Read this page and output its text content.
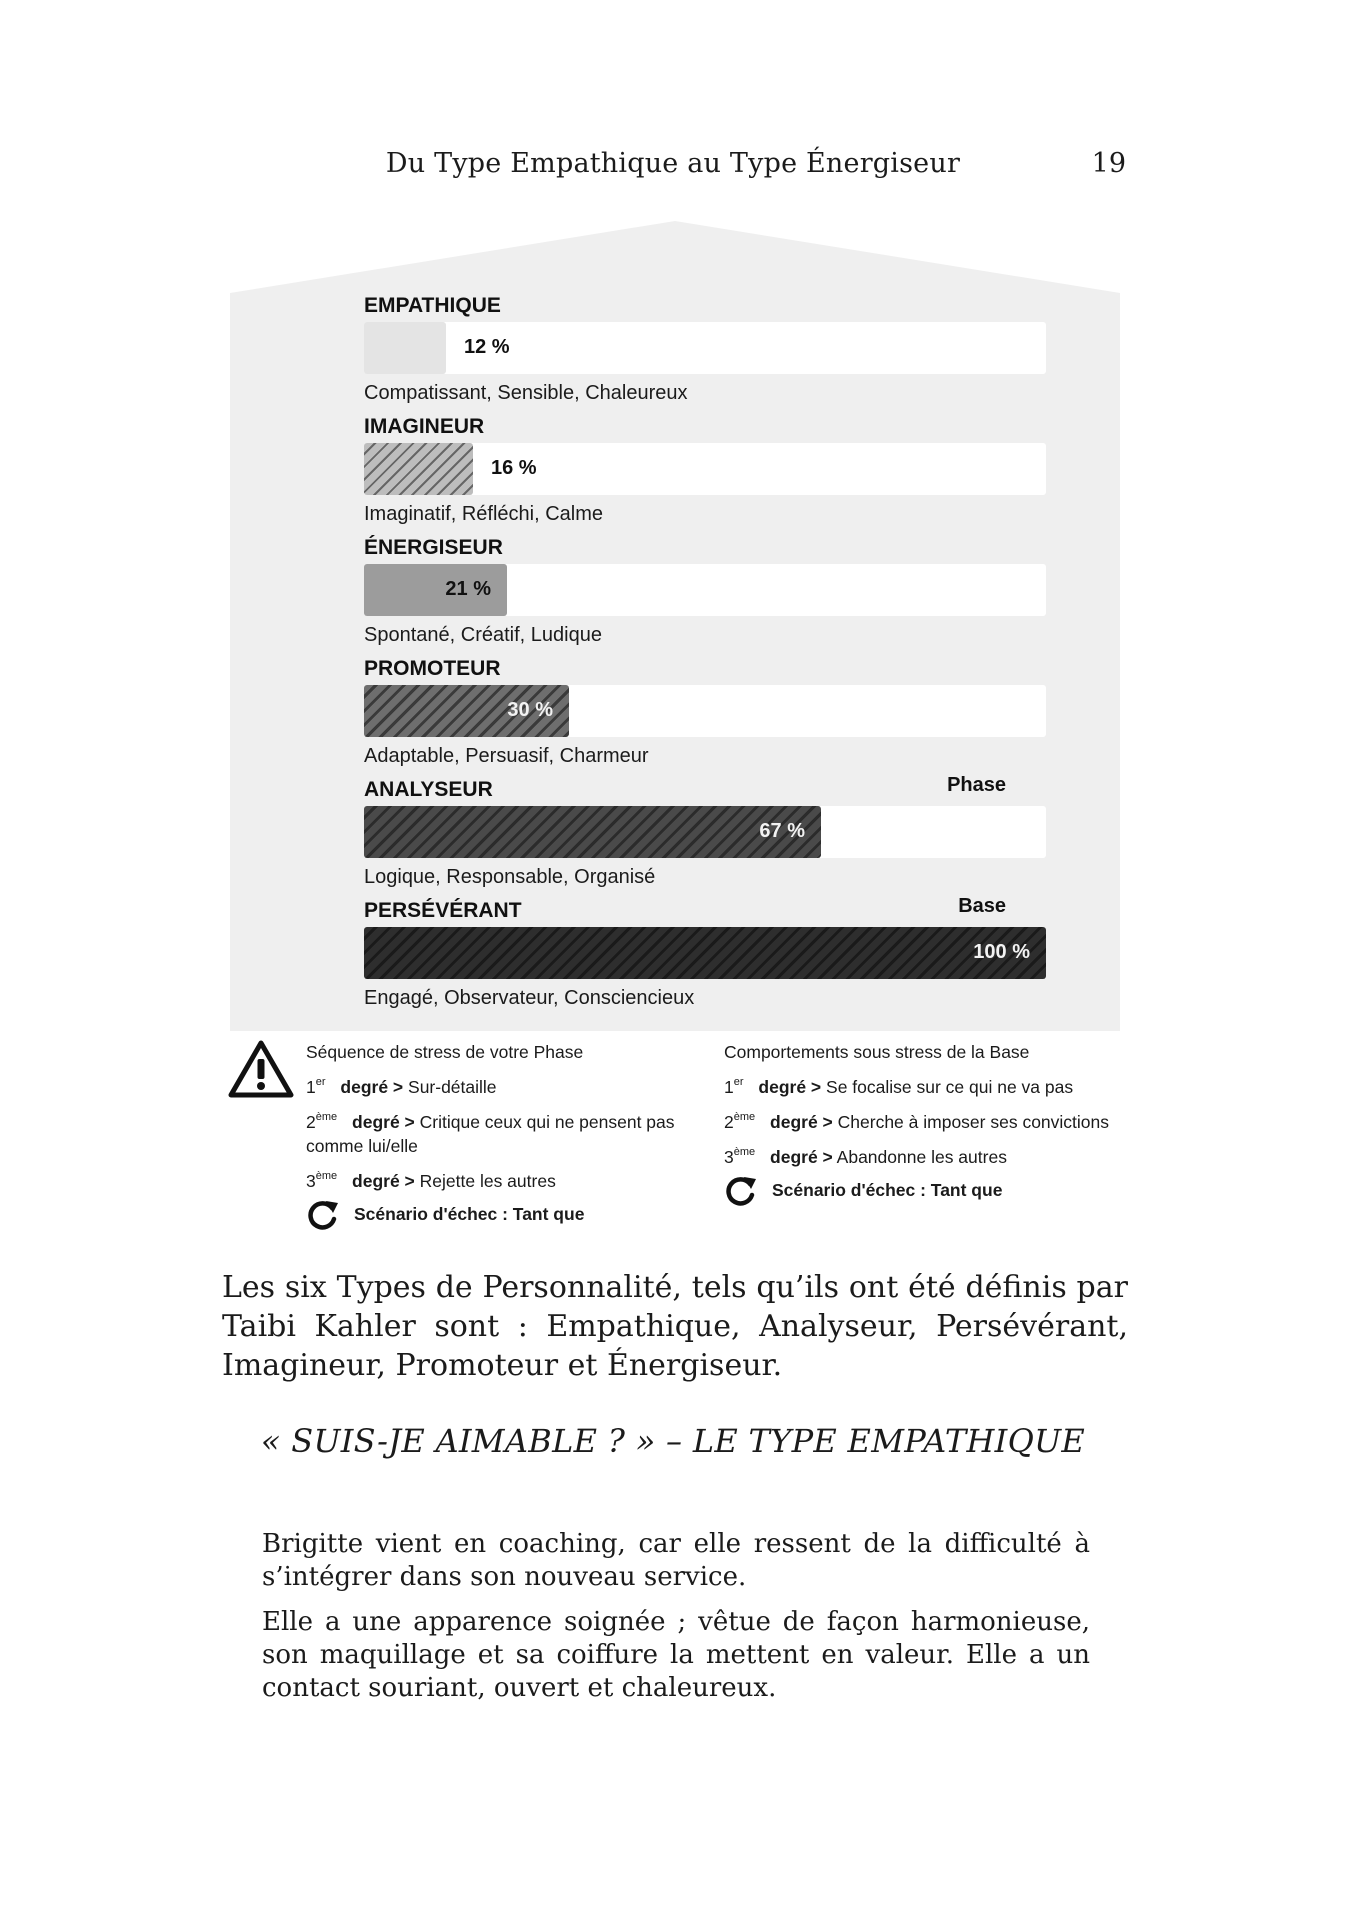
Du Type Empathique au Type Énergiseur	19
EMPATHIQUE
12 %
Compatissant, Sensible, Chaleureux
IMAGINEUR
16 %
Imaginatif, Réfléchi, Calme
ÉNERGISEUR
21 %
Spontané, Créatif, Ludique
PROMOTEUR
30 %
Adaptable, Persuasif, Charmeur
ANALYSEUR	Phase
67 %
Logique, Responsable, Organisé
PERSÉVÉRANT	Base
100 %
Engagé, Observateur, Consciencieux
Séquence de stress de votre Phase
1er degré > Sur-détaille
2ème degré > Critique ceux qui ne pensent pas comme lui/elle
3ème degré > Rejette les autres
Scénario d'échec : Tant que
Comportements sous stress de la Base
1er degré > Se focalise sur ce qui ne va pas
2ème degré > Cherche à imposer ses convictions
3ème degré > Abandonne les autres
Scénario d'échec : Tant que

Les six Types de Personnalité, tels qu’ils ont été définis par Taibi Kahler sont : Empathique, Analyseur, Persévérant, Imagineur, Promoteur et Énergiseur.

« SUIS-JE AIMABLE ? » – LE TYPE EMPATHIQUE

Brigitte vient en coaching, car elle ressent de la difficulté à s’intégrer dans son nouveau service.

Elle a une apparence soignée ; vêtue de façon harmonieuse, son maquillage et sa coiffure la mettent en valeur. Elle a un contact souriant, ouvert et chaleureux.
